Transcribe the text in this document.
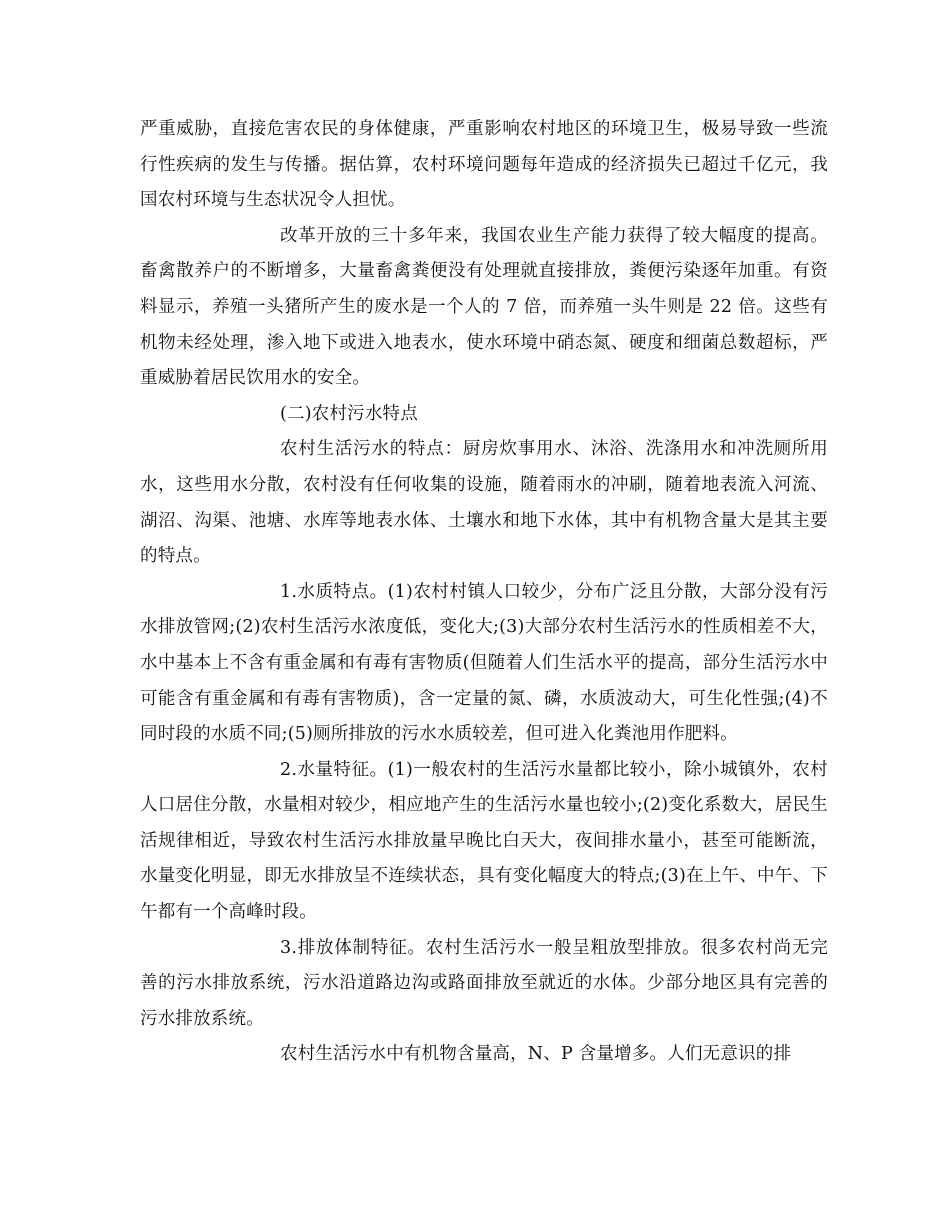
严重威胁，直接危害农民的身体健康，严重影响农村地区的环境卫生，极易导致一些流行性疾病的发生与传播。据估算，农村环境问题每年造成的经济损失已超过千亿元，我国农村环境与生态状况令人担忧。

改革开放的三十多年来，我国农业生产能力获得了较大幅度的提高。畜禽散养户的不断增多，大量畜禽粪便没有处理就直接排放，粪便污染逐年加重。有资料显示，养殖一头猪所产生的废水是一个人的 7 倍，而养殖一头牛则是 22 倍。这些有机物未经处理，渗入地下或进入地表水，使水环境中硝态氮、硬度和细菌总数超标，严重威胁着居民饮用水的安全。

(二)农村污水特点

农村生活污水的特点：厨房炊事用水、沐浴、洗涤用水和冲洗厕所用水，这些用水分散，农村没有任何收集的设施，随着雨水的冲刷，随着地表流入河流、湖沼、沟渠、池塘、水库等地表水体、土壤水和地下水体，其中有机物含量大是其主要的特点。

1.水质特点。(1)农村村镇人口较少，分布广泛且分散，大部分没有污水排放管网;(2)农村生活污水浓度低，变化大;(3)大部分农村生活污水的性质相差不大，水中基本上不含有重金属和有毒有害物质(但随着人们生活水平的提高，部分生活污水中可能含有重金属和有毒有害物质)，含一定量的氮、磷，水质波动大，可生化性强;(4)不同时段的水质不同;(5)厕所排放的污水水质较差，但可进入化粪池用作肥料。

2.水量特征。(1)一般农村的生活污水量都比较小，除小城镇外，农村人口居住分散，水量相对较少，相应地产生的生活污水量也较小;(2)变化系数大，居民生活规律相近，导致农村生活污水排放量早晚比白天大，夜间排水量小，甚至可能断流，水量变化明显，即无水排放呈不连续状态，具有变化幅度大的特点;(3)在上午、中午、下午都有一个高峰时段。

3.排放体制特征。农村生活污水一般呈粗放型排放。很多农村尚无完善的污水排放系统，污水沿道路边沟或路面排放至就近的水体。少部分地区具有完善的污水排放系统。

农村生活污水中有机物含量高，N、P 含量增多。人们无意识的排
